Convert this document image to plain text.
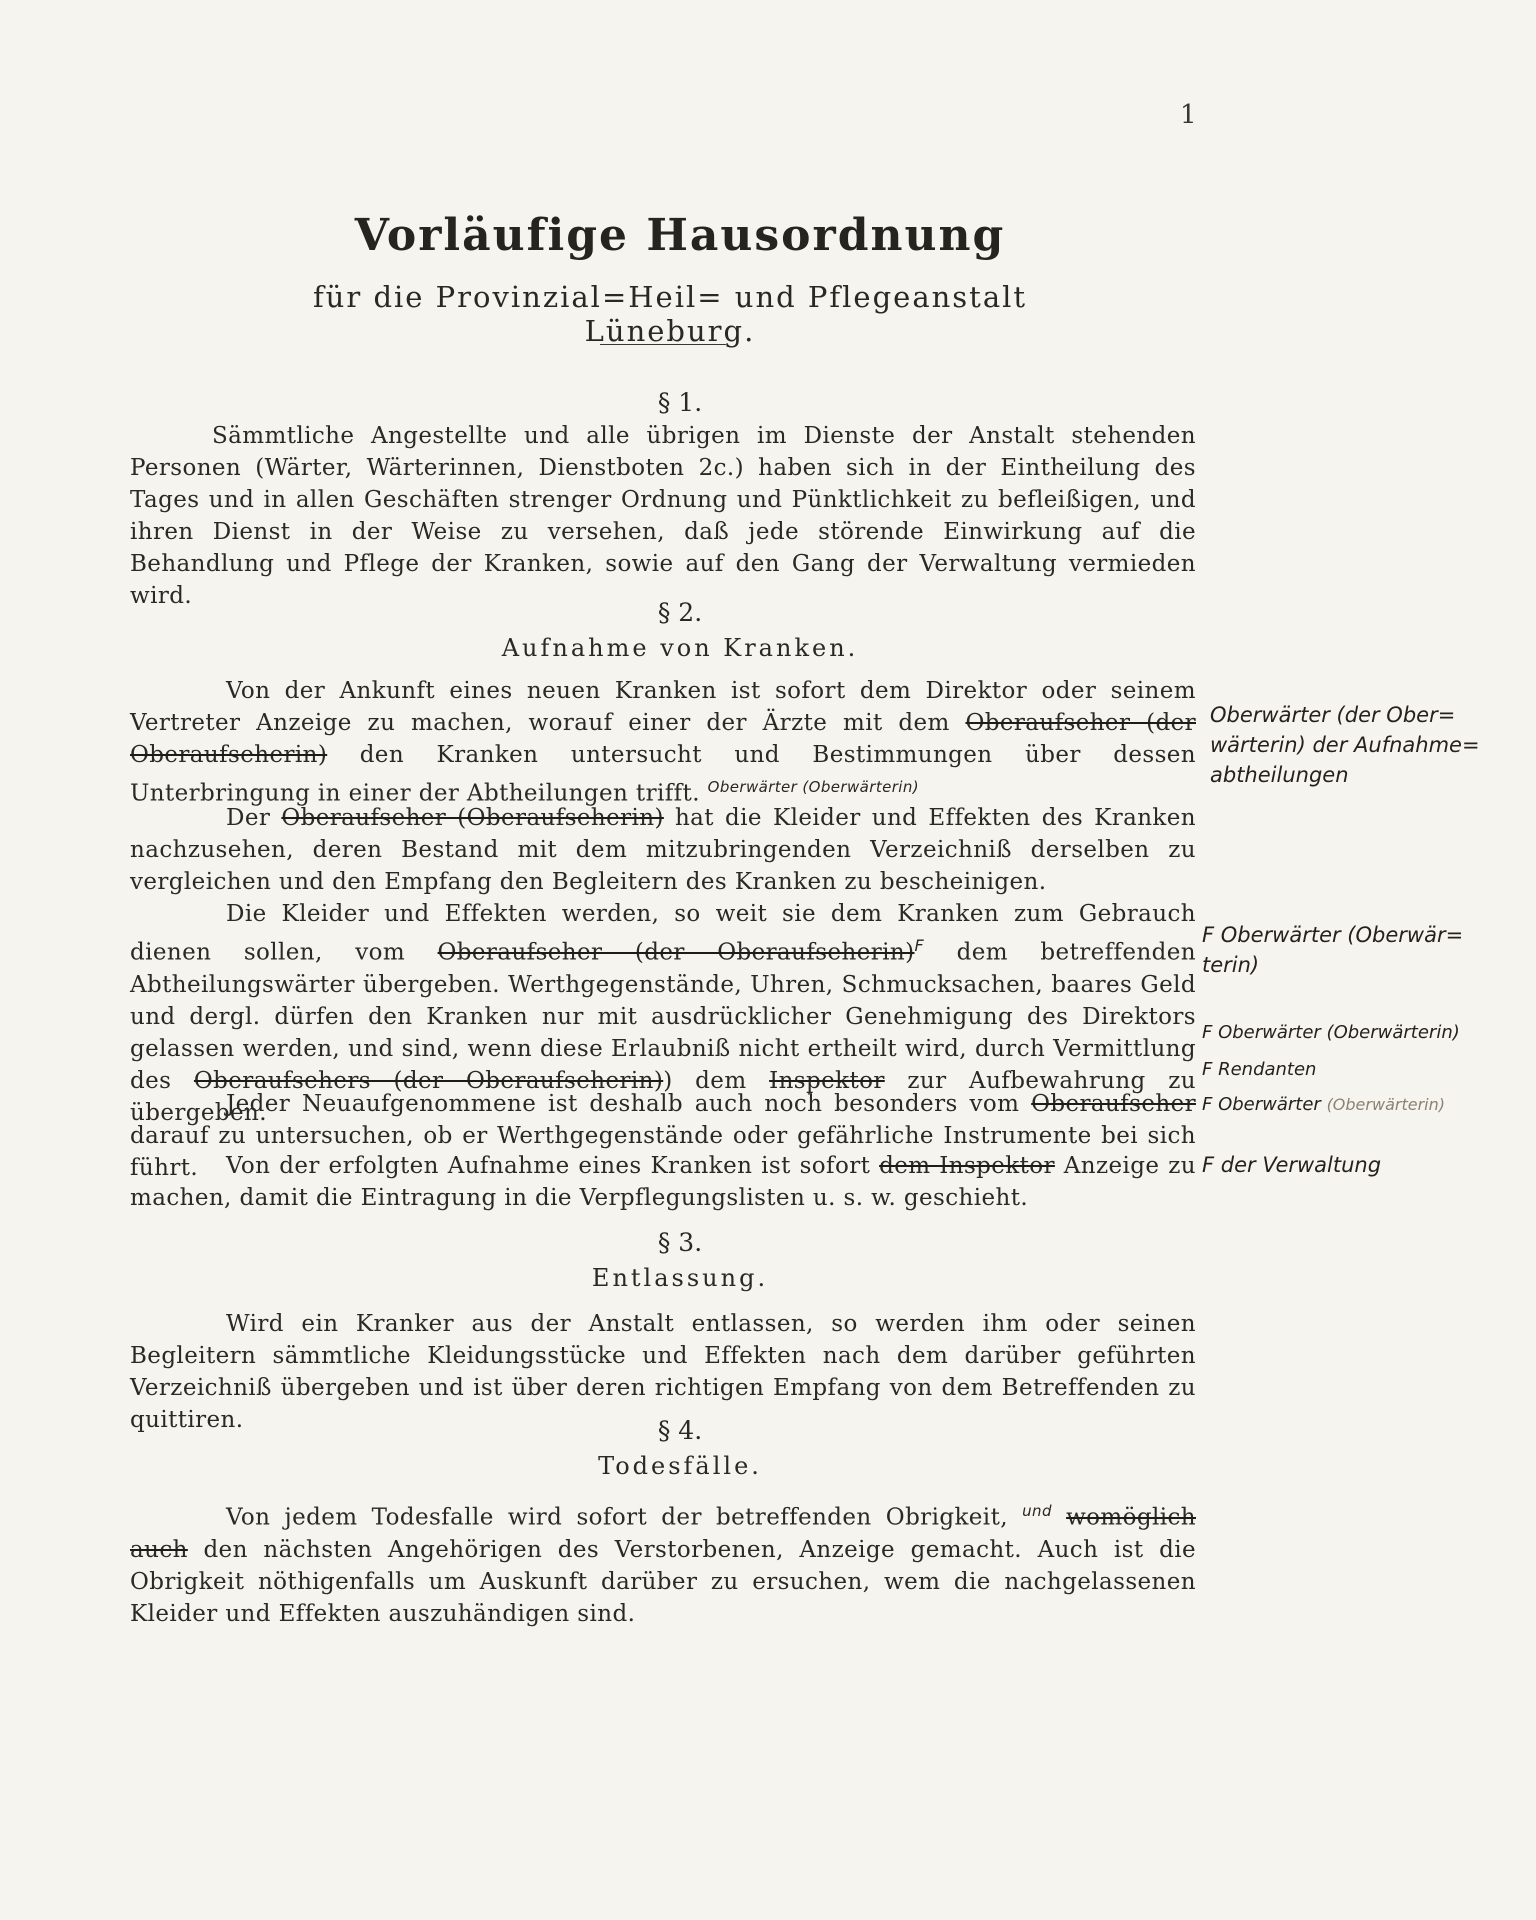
1
Vorläufige Hausordnung
für die Provinzial=Heil= und Pflegeanstalt Lüneburg.
§ 1.
Sämmtliche Angestellte und alle übrigen im Dienste der Anstalt stehenden Personen (Wärter, Wärterinnen, Dienstboten 2c.) haben sich in der Eintheilung des Tages und in allen Geschäften strenger Ordnung und Pünktlichkeit zu befleißigen, und ihren Dienst in der Weise zu versehen, daß jede störende Einwirkung auf die Behandlung und Pflege der Kranken, sowie auf den Gang der Verwaltung vermieden wird.
§ 2.
Aufnahme von Kranken.
Von der Ankunft eines neuen Kranken ist sofort dem Direktor oder seinem Vertreter Anzeige zu machen, worauf einer der Ärzte mit dem Oberaufseher (der Oberaufseherin) den Kranken untersucht und Bestimmungen über dessen Unterbringung in einer der Abtheilungen trifft. $^{Oberwärter (Oberwärterin)}$
Der Oberaufseher (Oberaufseherin) hat die Kleider und Effekten des Kranken nachzusehen, deren Bestand mit dem mitzubringenden Verzeichniß derselben zu vergleichen und den Empfang den Begleitern des Kranken zu bescheinigen.
Die Kleider und Effekten werden, so weit sie dem Kranken zum Gebrauch dienen sollen, vom Oberaufseher (der Oberaufseherin)$^F$ dem betreffenden Abtheilungswärter übergeben. Werthgegenstände, Uhren, Schmucksachen, baares Geld und dergl. dürfen den Kranken nur mit ausdrücklicher Genehmigung des Direktors gelassen werden, und sind, wenn diese Erlaubniß nicht ertheilt wird, durch Vermittlung des Oberaufsehers (der Oberaufseherin)) dem Inspektor zur Aufbewahrung zu übergeben.
Jeder Neuaufgenommene ist deshalb auch noch besonders vom Oberaufseher darauf zu untersuchen, ob er Werthgegenstände oder gefährliche Instrumente bei sich führt.	Von der erfolgten Aufnahme eines Kranken ist sofort dem Inspektor Anzeige zu machen, damit die Eintragung in die Verpflegungslisten u. s. w. geschieht.
§ 3.
Entlassung.
Wird ein Kranker aus der Anstalt entlassen, so werden ihm oder seinen Begleitern sämmtliche Kleidungsstücke und Effekten nach dem darüber geführten Verzeichniß übergeben und ist über deren richtigen Empfang von dem Betreffenden zu quittiren.	§ 4.
Todesfälle.
Von jedem Todesfalle wird sofort der betreffenden Obrigkeit, $^{und}$ womöglich auch den nächsten Angehörigen des Verstorbenen, Anzeige gemacht. Auch ist die Obrigkeit nöthigenfalls um Auskunft darüber zu ersuchen, wem die nachgelassenen Kleider und Effekten auszuhändigen sind.
Oberwärter (der Ober=
wärterin) der Aufnahme=
abtheilungen
F Oberwärter (Oberwär=
terin)
F Oberwärter (Oberwärterin)
F Rendanten
F Oberwärter (Oberwärterin)
F der Verwaltung
